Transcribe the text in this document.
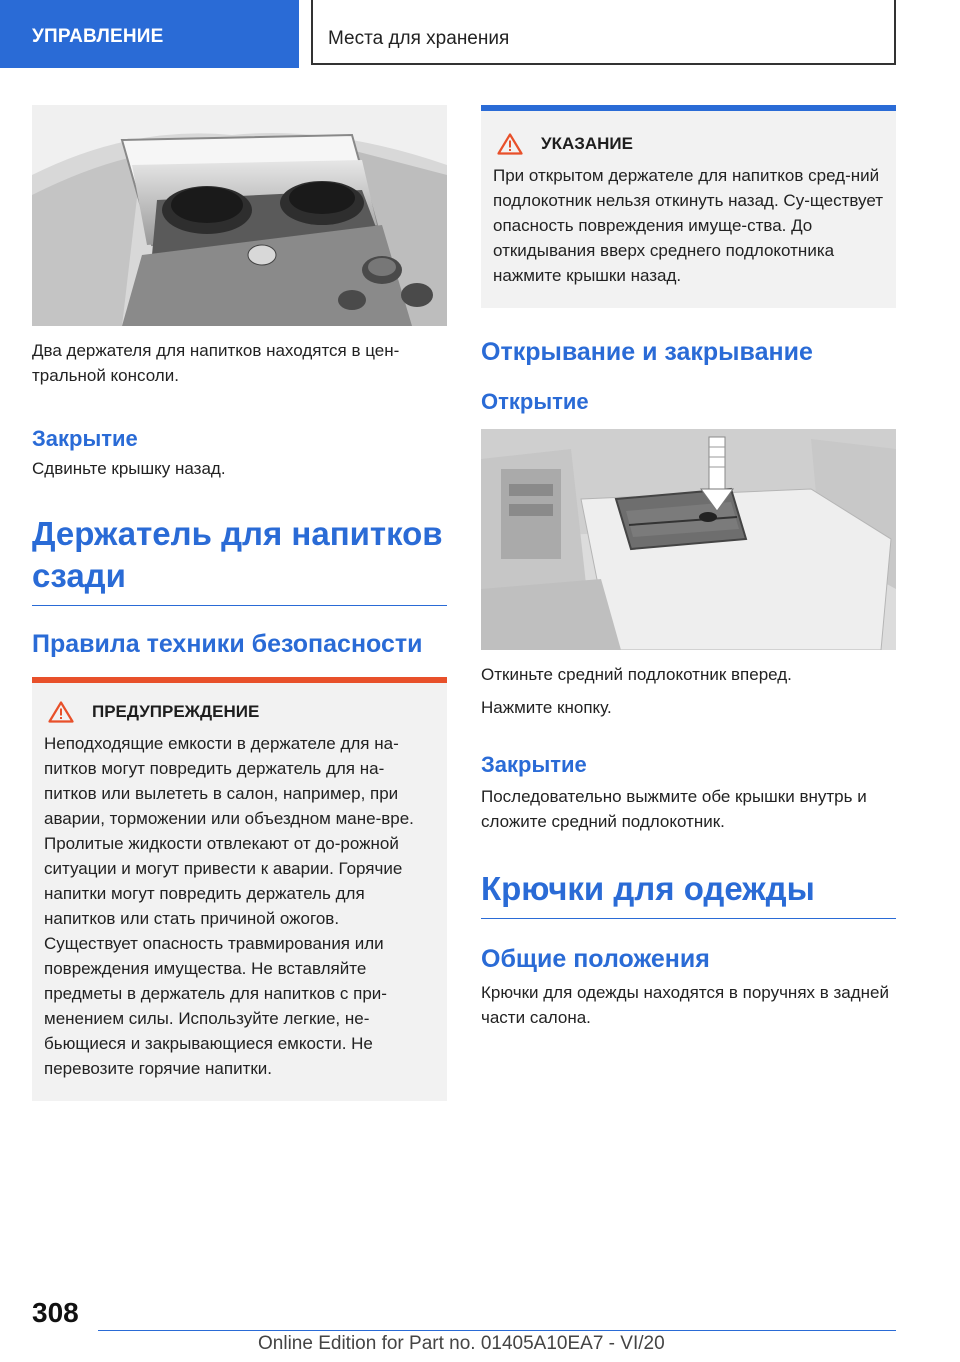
УПРАВЛЕНИЕ	Места для хранения

Два держателя для напитков находятся в цен-тральной консоли.

Закрытие

Сдвиньте крышку назад.

Держатель для напитков сзади

Правила техники безопасности

ПРЕДУПРЕЖДЕНИЕ

Неподходящие емкости в держателе для на-питков могут повредить держатель для на-питков или вылететь в салон, например, при аварии, торможении или объездном мане-вре. Пролитые жидкости отвлекают от до-рожной ситуации и могут привести к аварии. Горячие напитки могут повредить держатель для напитков или стать причиной ожогов. Существует опасность травмирования или повреждения имущества. Не вставляйте предметы в держатель для напитков с при-менением силы. Используйте легкие, не-бьющиеся и закрывающиеся емкости. Не перевозите горячие напитки.

УКАЗАНИЕ

При открытом держателе для напитков сред-ний подлокотник нельзя откинуть назад. Су-ществует опасность повреждения имуще-ства. До откидывания вверх среднего подлокотника нажмите крышки назад.

Открывание и закрывание

Открытие

Откиньте средний подлокотник вперед.

Нажмите кнопку.

Закрытие

Последовательно выжмите обе крышки внутрь и сложите средний подлокотник.

Крючки для одежды

Общие положения

Крючки для одежды находятся в поручнях в задней части салона.

308
Online Edition for Part no. 01405A10EA7 - VI/20
